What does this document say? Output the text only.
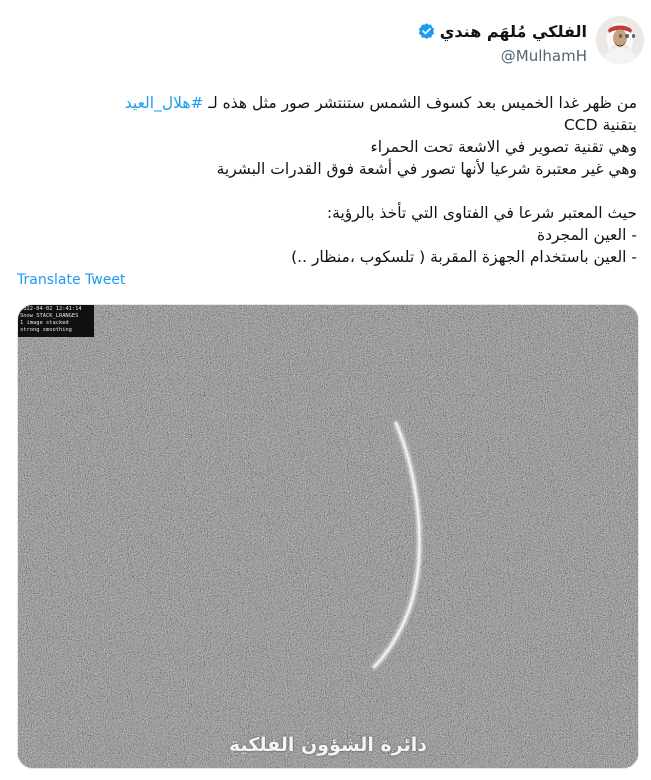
الفلكي مُلهَم هندي
@MulhamH
من ظهر غدا الخميس بعد كسوف الشمس ستنتشر صور مثل هذه لـ #هلال_العيد
بتقنية CCD
وهي تقنية تصوير في الاشعة تحت الحمراء
وهي غير معتبرة شرعيا لأنها تصور في أشعة فوق القدرات البشرية
حيث المعتبر شرعا في الفتاوى التي تأخذ بالرؤية:
- العين المجردة
- العين باستخدام الجهزة المقربة ( تلسكوب ،منظار ..)
Translate Tweet
2022-04-02 12:41:14
Snow STACK_LRANGES
1 image stacked
strong smoothing
دائرة الشؤون الفلكية
